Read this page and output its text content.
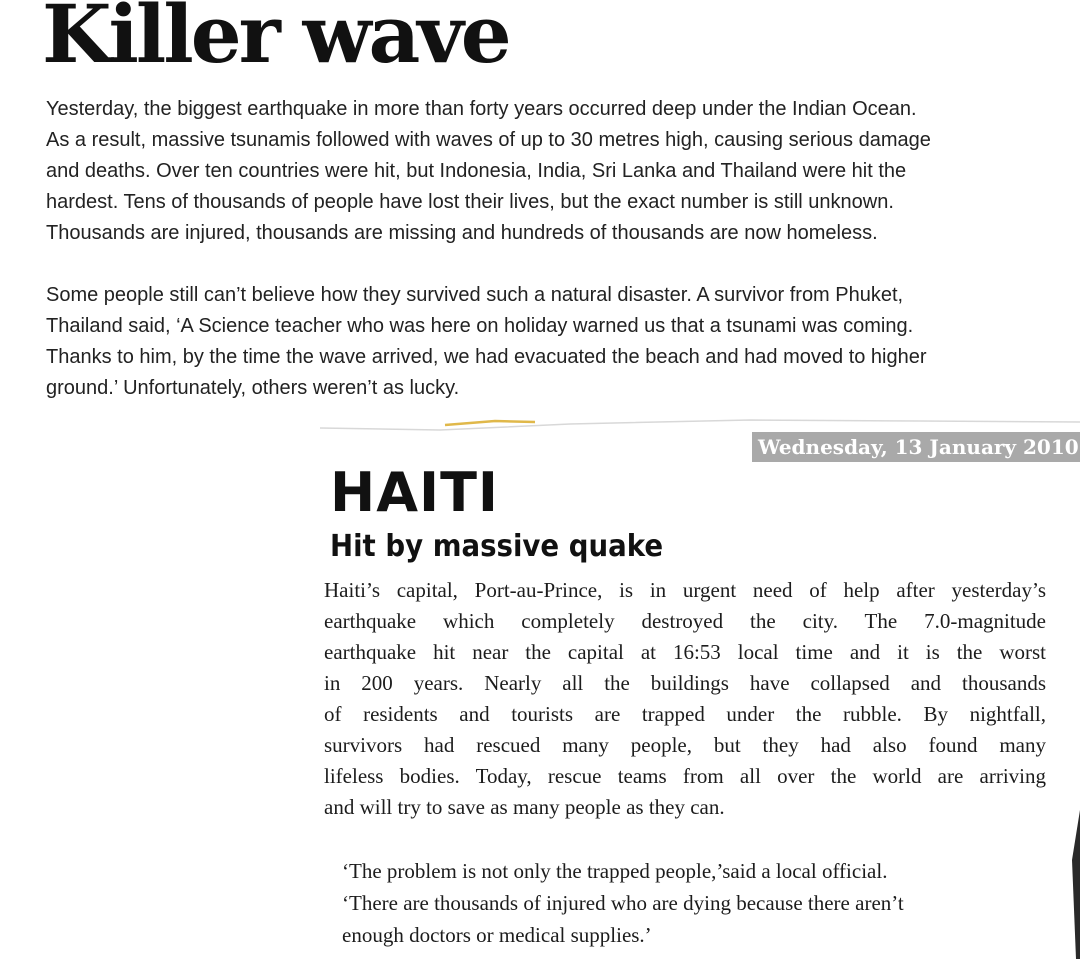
Killer wave
Yesterday, the biggest earthquake in more than forty years occurred deep under the Indian Ocean.
As a result, massive tsunamis followed with waves of up to 30 metres high, causing serious damage
and deaths. Over ten countries were hit, but Indonesia, India, Sri Lanka and Thailand were hit the
hardest. Tens of thousands of people have lost their lives, but the exact number is still unknown.
Thousands are injured, thousands are missing and hundreds of thousands are now homeless.
Some people still can’t believe how they survived such a natural disaster. A survivor from Phuket,
Thailand said, ‘A Science teacher who was here on holiday warned us that a tsunami was coming.
Thanks to him, by the time the wave arrived, we had evacuated the beach and had moved to higher
ground.’ Unfortunately, others weren’t as lucky.
Wednesday, 13 January 2010
HAITI
Hit by massive quake
Haiti’s capital, Port-au-Prince, is in urgent need of help after yesterday’s
earthquake which completely destroyed the city. The 7.0-magnitude
earthquake hit near the capital at 16:53 local time and it is the worst
in 200 years. Nearly all the buildings have collapsed and thousands
of residents and tourists are trapped under the rubble. By nightfall,
survivors had rescued many people, but they had also found many
lifeless bodies. Today, rescue teams from all over the world are arriving
and will try to save as many people as they can.
‘The problem is not only the trapped people,’said a local official.
‘There are thousands of injured who are dying because there aren’t
enough doctors or medical supplies.’
